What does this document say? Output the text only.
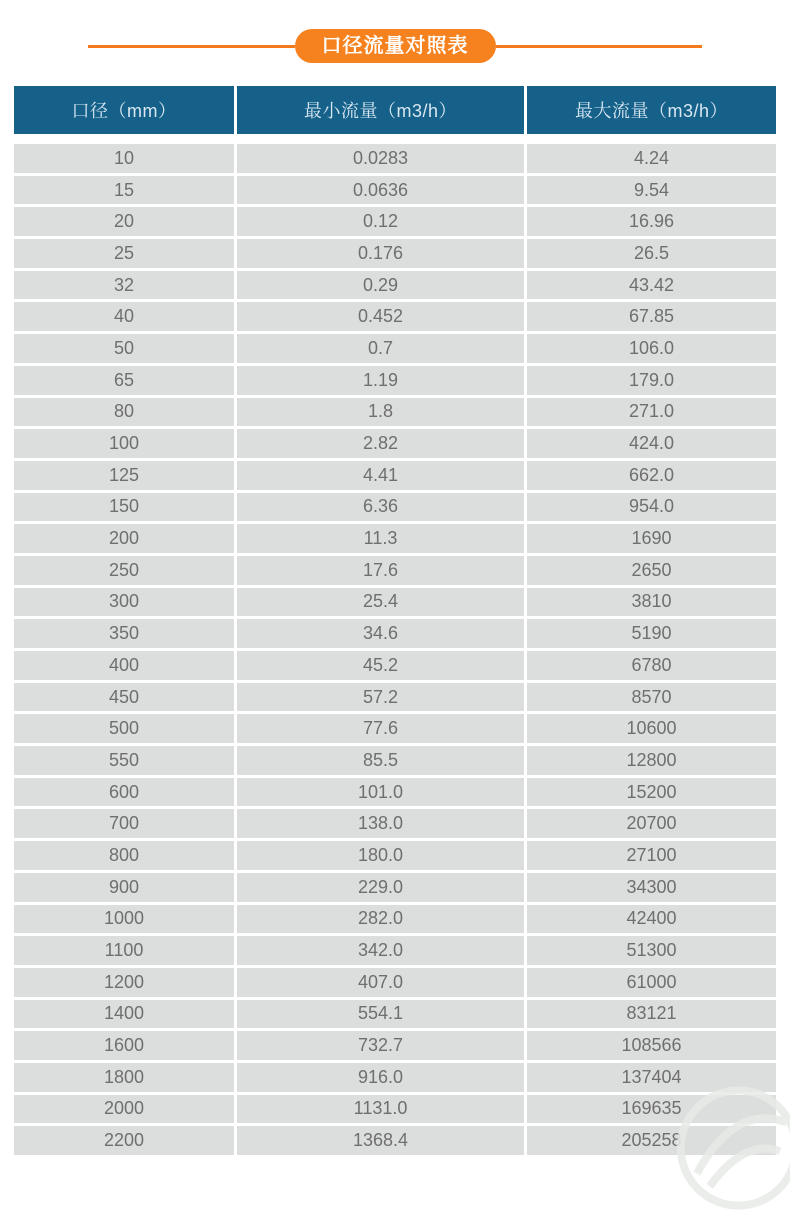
口径流量对照表
口径（mm）	最小流量（m3/h）	最大流量（m3/h）
10	0.0283	4.24
15	0.0636	9.54
20	0.12	16.96
25	0.176	26.5
32	0.29	43.42
40	0.452	67.85
50	0.7	106.0
65	1.19	179.0
80	1.8	271.0
100	2.82	424.0
125	4.41	662.0
150	6.36	954.0
200	11.3	1690
250	17.6	2650
300	25.4	3810
350	34.6	5190
400	45.2	6780
450	57.2	8570
500	77.6	10600
550	85.5	12800
600	101.0	15200
700	138.0	20700
800	180.0	27100
900	229.0	34300
1000	282.0	42400
1100	342.0	51300
1200	407.0	61000
1400	554.1	83121
1600	732.7	108566
1800	916.0	137404
2000	1131.0	169635
2200	1368.4	205258
